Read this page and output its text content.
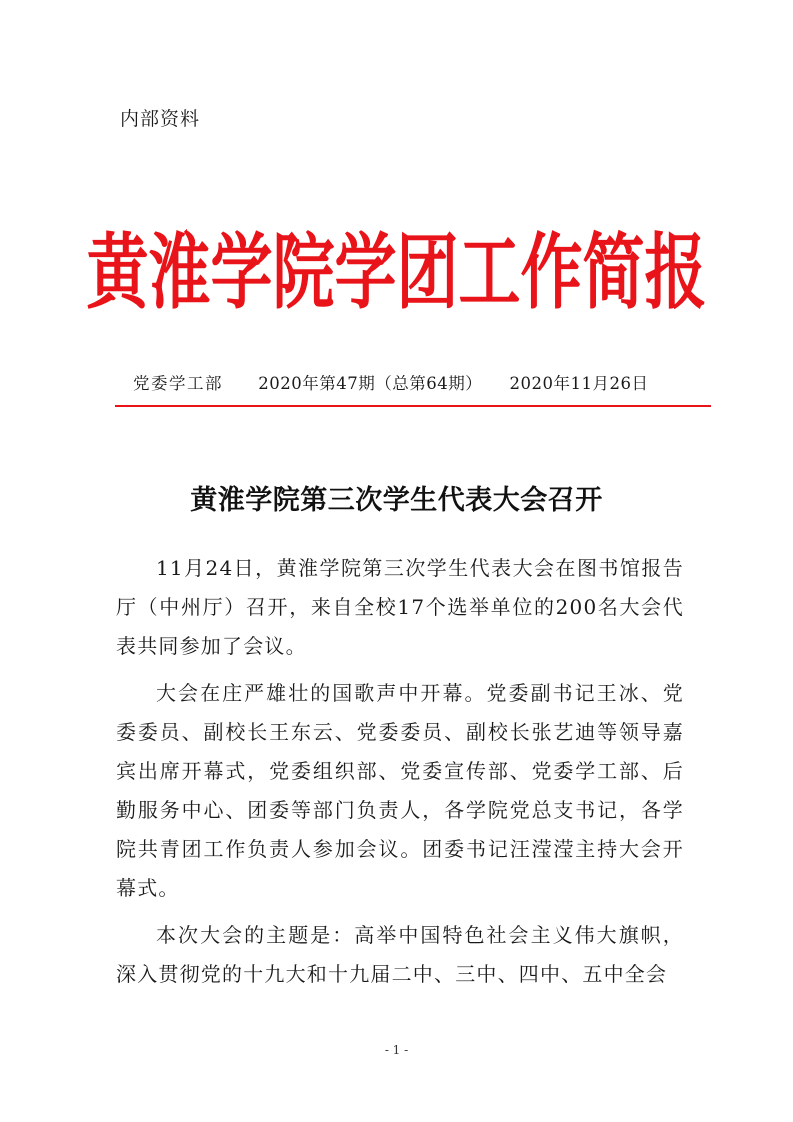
内部资料
黄淮学院学团工作简报
党委学工部 2020年第47期（总第64期） 2020年11月26日
黄淮学院第三次学生代表大会召开

11月24日，黄淮学院第三次学生代表大会在图书馆报告厅（中州厅）召开，来自全校17个选举单位的200名大会代表共同参加了会议。

大会在庄严雄壮的国歌声中开幕。党委副书记王冰、党委委员、副校长王东云、党委委员、副校长张艺迪等领导嘉宾出席开幕式，党委组织部、党委宣传部、党委学工部、后勤服务中心、团委等部门负责人，各学院党总支书记，各学院共青团工作负责人参加会议。团委书记汪滢滢主持大会开幕式。

本次大会的主题是：高举中国特色社会主义伟大旗帜，深入贯彻党的十九大和十九届二中、三中、四中、五中全会

- 1 -
